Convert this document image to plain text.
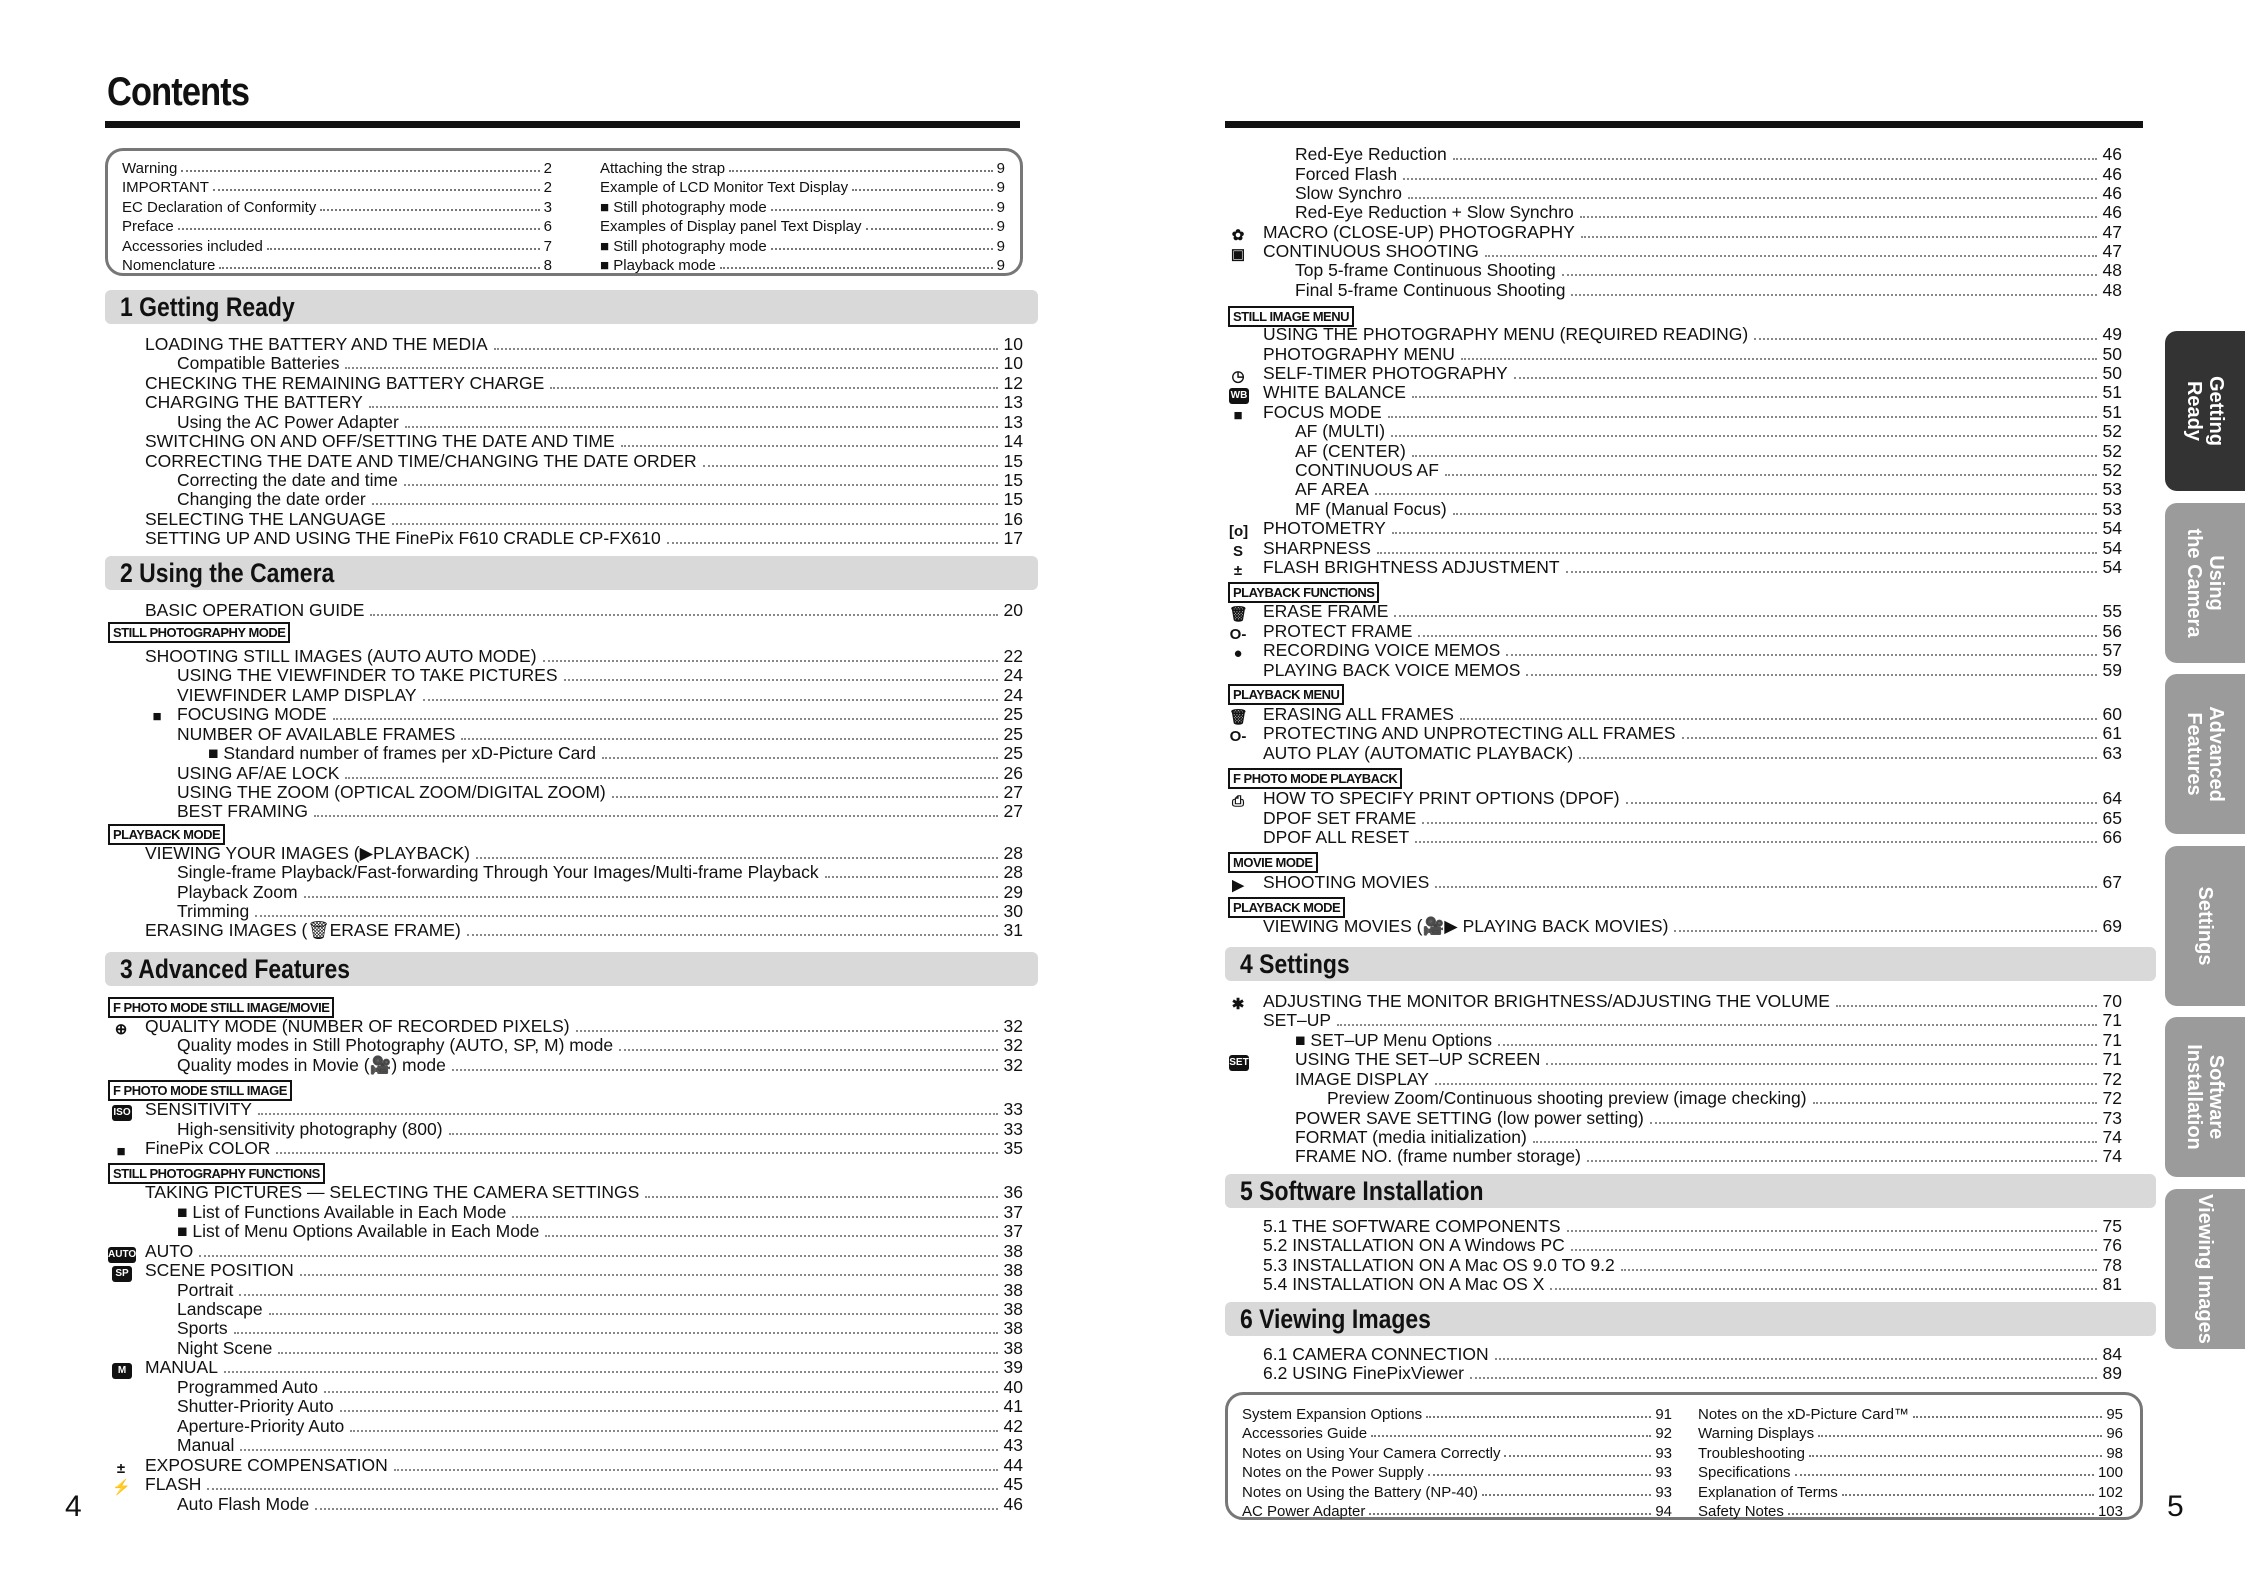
Contents
Warning	2
IMPORTANT	2
EC Declaration of Conformity	3
Preface	6
Accessories included	7
Nomenclature	8
Attaching the strap	9
Example of LCD Monitor Text Display	9
■ Still photography mode	9
Examples of Display panel Text Display	9
■ Still photography mode	9
■ Playback mode	9
1 Getting Ready
2 Using the Camera
3 Advanced Features
STILL PHOTOGRAPHY MODE
PLAYBACK MODE
F PHOTO MODE STILL IMAGE/MOVIE
F PHOTO MODE STILL IMAGE
STILL PHOTOGRAPHY FUNCTIONS
LOADING THE BATTERY AND THE MEDIA	10
Compatible Batteries	10
CHECKING THE REMAINING BATTERY CHARGE	12
CHARGING THE BATTERY	13
Using the AC Power Adapter	13
SWITCHING ON AND OFF/SETTING THE DATE AND TIME	14
CORRECTING THE DATE AND TIME/CHANGING THE DATE ORDER	15
Correcting the date and time	15
Changing the date order	15
SELECTING THE LANGUAGE	16
SETTING UP AND USING THE FinePix F610 CRADLE CP-FX610	17
BASIC OPERATION GUIDE	20
SHOOTING STILL IMAGES (AUTO AUTO MODE)	22
USING THE VIEWFINDER TO TAKE PICTURES	24
VIEWFINDER LAMP DISPLAY	24
FOCUSING MODE	25
NUMBER OF AVAILABLE FRAMES	25
■ Standard number of frames per xD-Picture Card	25
USING AF/AE LOCK	26
USING THE ZOOM (OPTICAL ZOOM/DIGITAL ZOOM)	27
BEST FRAMING	27
VIEWING YOUR IMAGES (▶PLAYBACK)	28
Single-frame Playback/Fast-forwarding Through Your Images/Multi-frame Playback	28
Playback Zoom	29
Trimming	30
ERASING IMAGES (🗑ERASE FRAME)	31
QUALITY MODE (NUMBER OF RECORDED PIXELS)	32
Quality modes in Still Photography (AUTO, SP, M) mode	32
Quality modes in Movie (🎥) mode	32
SENSITIVITY	33
High-sensitivity photography (800)	33
FinePix COLOR	35
TAKING PICTURES — SELECTING THE CAMERA SETTINGS	36
■ List of Functions Available in Each Mode	37
■ List of Menu Options Available in Each Mode	37
AUTO	38
SCENE POSITION	38
Portrait	38
Landscape	38
Sports	38
Night Scene	38
MANUAL	39
Programmed Auto	40
Shutter-Priority Auto	41
Aperture-Priority Auto	42
Manual	43
EXPOSURE COMPENSATION	44
FLASH	45
Auto Flash Mode	46
■
⊕
ISO
■
AUTO
SP
M
±
⚡
4
STILL IMAGE MENU
PLAYBACK FUNCTIONS
PLAYBACK MENU
F PHOTO MODE PLAYBACK
MOVIE MODE
PLAYBACK MODE
4 Settings
5 Software Installation
6 Viewing Images
Red-Eye Reduction	46
Forced Flash	46
Slow Synchro	46
Red-Eye Reduction + Slow Synchro	46
MACRO (CLOSE-UP) PHOTOGRAPHY	47
CONTINUOUS SHOOTING	47
Top 5-frame Continuous Shooting	48
Final 5-frame Continuous Shooting	48
USING THE PHOTOGRAPHY MENU (REQUIRED READING)	49
PHOTOGRAPHY MENU	50
SELF-TIMER PHOTOGRAPHY	50
WHITE BALANCE	51
FOCUS MODE	51
AF (MULTI)	52
AF (CENTER)	52
CONTINUOUS AF	52
AF AREA	53
MF (Manual Focus)	53
PHOTOMETRY	54
SHARPNESS	54
FLASH BRIGHTNESS ADJUSTMENT	54
ERASE FRAME	55
PROTECT FRAME	56
RECORDING VOICE MEMOS	57
PLAYING BACK VOICE MEMOS	59
ERASING ALL FRAMES	60
PROTECTING AND UNPROTECTING ALL FRAMES	61
AUTO PLAY (AUTOMATIC PLAYBACK)	63
HOW TO SPECIFY PRINT OPTIONS (DPOF)	64
DPOF SET FRAME	65
DPOF ALL RESET	66
SHOOTING MOVIES	67
VIEWING MOVIES (🎥▶ PLAYING BACK MOVIES)	69
ADJUSTING THE MONITOR BRIGHTNESS/ADJUSTING THE VOLUME	70
SET–UP	71
■ SET–UP Menu Options	71
USING THE SET–UP SCREEN	71
IMAGE DISPLAY	72
Preview Zoom/Continuous shooting preview (image checking)	72
POWER SAVE SETTING (low power setting)	73
FORMAT (media initialization)	74
FRAME NO. (frame number storage)	74
5.1 THE SOFTWARE COMPONENTS	75
5.2 INSTALLATION ON A Windows PC	76
5.3 INSTALLATION ON A Mac OS 9.0 TO 9.2	78
5.4 INSTALLATION ON A Mac OS X	81
6.1 CAMERA CONNECTION	84
6.2 USING FinePixViewer	89
✿
▣
◷
WB
■
[o]
S
±
🗑
O-
●
🗑
O-
⎙
▶
✱
SET
System Expansion Options	91
Accessories Guide	92
Notes on Using Your Camera Correctly	93
Notes on the Power Supply	93
Notes on Using the Battery (NP-40)	93
AC Power Adapter	94
Notes on the xD-Picture Card™	95
Warning Displays	96
Troubleshooting	98
Specifications	100
Explanation of Terms	102
Safety Notes	103
Getting
Ready
Using
the Camera
Advanced
Features
Settings
Software
Installation
Viewing Images
5
